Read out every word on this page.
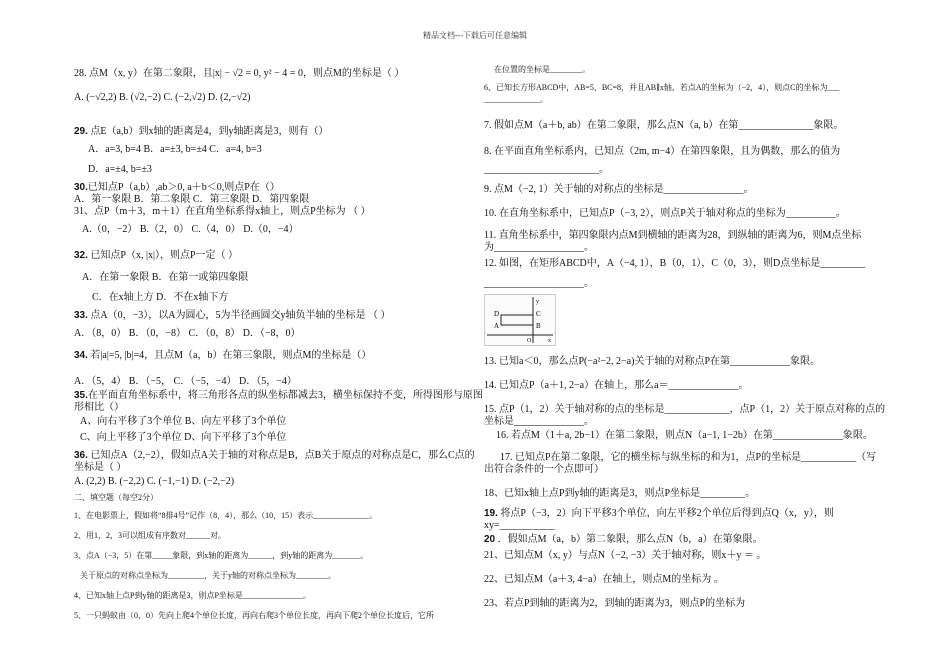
精品文档---下载后可任意编辑
28. 点M（x, y）在第二象限，且|x| − √2 = 0, y² − 4 = 0，则点M的坐标是（ ）
A. (−√2,2) B. (√2,−2) C. (−2,√2) D. (2,−√2)
29. 点E（a,b）到x轴的距离是4，到y轴距离是3，则有（）
A．a=3, b=4 B．a=±3, b=±4 C．a=4, b=3
D．a=±4, b=±3
30.已知点P（a,b）,ab＞0, a＋b＜0,则点P在（）
A．第一象限 B．第二象限 C．第三象限 D．第四象限
31、点P（m＋3，m＋1）在直角坐标系得x轴上，则点P坐标为 （ ）
A.（0，−2） B.（2，0） C.（4，0） D.（0，−4）
32. 已知点P（x, |x|），则点P一定（ ）
A．在第一象限 B．在第一或第四象限
C．在x轴上方 D．不在x轴下方
33. 点A（0，−3），以A为圆心，5为半径画圆交y轴负半轴的坐标是 （ ）
A．（8，0） B．（0，−8） C．（0，8） D．（−8，0）
34. 若|a|=5, |b|=4，且点M（a，b）在第三象限，则点M的坐标是（）
A．（5，4） B．（−5， C．（−5，−4） D．（5，−4）
35.在平面直角坐标系中，将三角形各点的纵坐标都减去3，横坐标保持不变，所得图形与原图
形相比（）
A、向右平移了3个单位 B、向左平移了3个单位
C、向上平移了3个单位 D、向下平移了3个单位
36. 已知点A（2,−2），假如点A关于轴的对称点是B，点B关于原点的对称点是C，那么C点的
坐标是（ ）
A. (2,2) B. (−2,2) C. (−1,−1) D. (−2,−2)
二、填空题（每空2分）
1、在电影票上，假如将“8排4号”记作（8，4），那么（10，15）表示______________。
2、用1，2，3可以组成有序数对______对。
3、点A（−3，5）在第_____象限，到x轴的距离为______，到y轴的距离为_______。
关于原点的对称点坐标为_________，关于y轴的对称点坐标为________。
4、已知x轴上点P到y轴的距离是3，则点P坐标是_______________。
5、一只蚂蚁由（0，0）先向上爬4个单位长度，再向右爬3个单位长度，再向下爬2个单位长度后，它所
在位置的坐标是________。
6、已知长方形ABCD中，AB=5，BC=8，并且AB∥x轴，若点A的坐标为（−2，4），则点C的坐标为___
______________。
7. 假如点M（a＋b, ab）在第二象限，那么点N（a, b）在第_______________象限。
8. 在平面直角坐标系内，已知点（2m, m−4）在第四象限，且为偶数，那么的值为
_______________________。
9. 点M（−2, 1）关于轴的对称点的坐标是________________。
10. 在直角坐标系中，已知点P（−3, 2），则点P关于轴对称点的坐标为__________。
11. 直角坐标系中，第四象限内点M到横轴的距离为28，到纵轴的距离为6，则M点坐标
为__________________。
12. 如图，在矩形ABCD中，A（−4, 1），B（0，1），C（0，3），则D点坐标是_________
____________________。
13. 已知a＜0，那么点P(−a²−2, 2−a)关于轴的对称点P在第____________象限。
14. 已知点P（a＋1, 2−a）在轴上，那么a＝______________。
15. 点P（1，2）关于轴对称的点的坐标是_____________，点P（1，2）关于原点对称的点的
坐标是______________。
16. 若点M（1＋a, 2b−1）在第二象限，则点N（a−1, 1−2b）在第______________象限。
17. 已知点P在第二象限，它的横坐标与纵坐标的和为1，点P的坐标是___________（写
出符合条件的一个点即可）
18、已知x轴上点P到y轴的距离是3，则点P坐标是_________。
19. 将点P（−3，2）向下平移3个单位，向左平移2个单位后得到点Q（x，y），则
xy=___________
20 ．假如点M（a，b）第二象限，那么点N（b，a）在第象限。
21、已知点M（x, y）与点N（−2, −3）关于轴对称，则x＋y ＝ 。
22、已知点M（a＋3, 4−a）在轴上，则点M的坐标为 。
23、若点P到轴的距离为2，到轴的距离为3，则点P的坐标为
D
A
C
B
O	x
y
